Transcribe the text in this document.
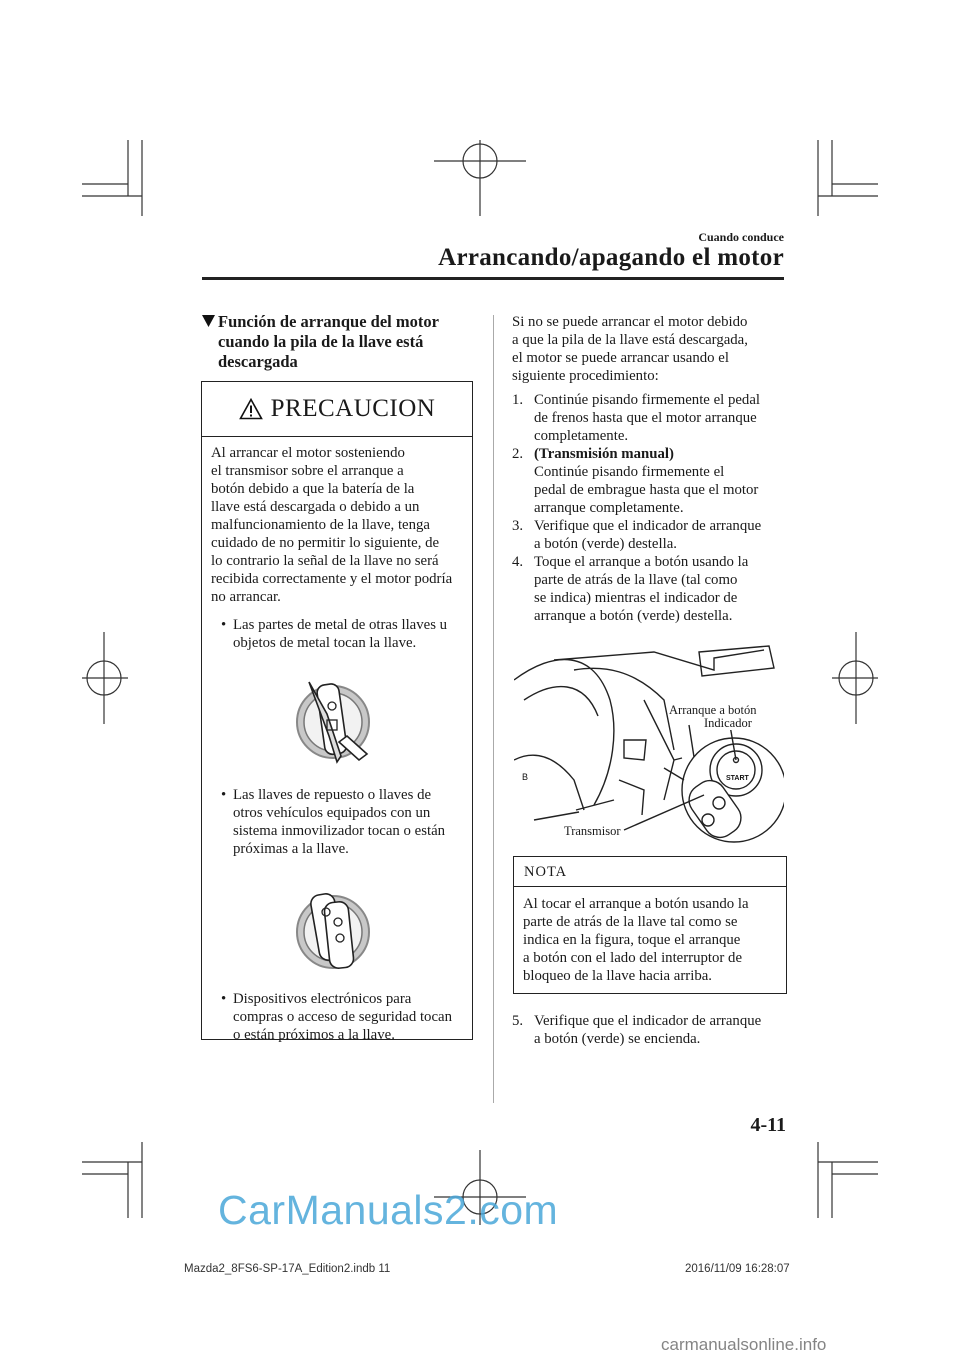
Cuando conduce
Arrancando/apagando el motor
Función de arranque del motor
cuando la pila de la llave está
descargada
PRECAUCION

Al arrancar el motor sosteniendo
el transmisor sobre el arranque a
botón debido a que la batería de la
llave está descargada o debido a un
malfuncionamiento de la llave, tenga
cuidado de no permitir lo siguiente, de
lo contrario la señal de la llave no será
recibida correctamente y el motor podría
no arrancar.

• Las partes de metal de otras llaves u
objetos de metal tocan la llave.
• Las llaves de repuesto o llaves de
otros vehículos equipados con un
sistema inmovilizador tocan o están
próximas a la llave.
• Dispositivos electrónicos para
compras o acceso de seguridad tocan
o están próximos a la llave.
Si no se puede arrancar el motor debido
a que la pila de la llave está descargada,
el motor se puede arrancar usando el
siguiente procedimiento:
1. Continúe pisando firmemente el pedal
de frenos hasta que el motor arranque
completamente.
2. (Transmisión manual)
Continúe pisando firmemente el
pedal de embrague hasta que el motor
arranque completamente.
3. Verifique que el indicador de arranque
a botón (verde) destella.
4. Toque el arranque a botón usando la
parte de atrás de la llave (tal como
se indica) mientras el indicador de
arranque a botón (verde) destella.
START
B
Arranque a botón
Indicador
Transmisor
NOTA
Al tocar el arranque a botón usando la
parte de atrás de la llave tal como se
indica en la figura, toque el arranque
a botón con el lado del interruptor de
bloqueo de la llave hacia arriba.
5. Verifique que el indicador de arranque
a botón (verde) se encienda.
4-11
Mazda2_8FS6-SP-17A_Edition2.indb 11	2016/11/09 16:28:07
CarManuals2.com
carmanualsonline.info
